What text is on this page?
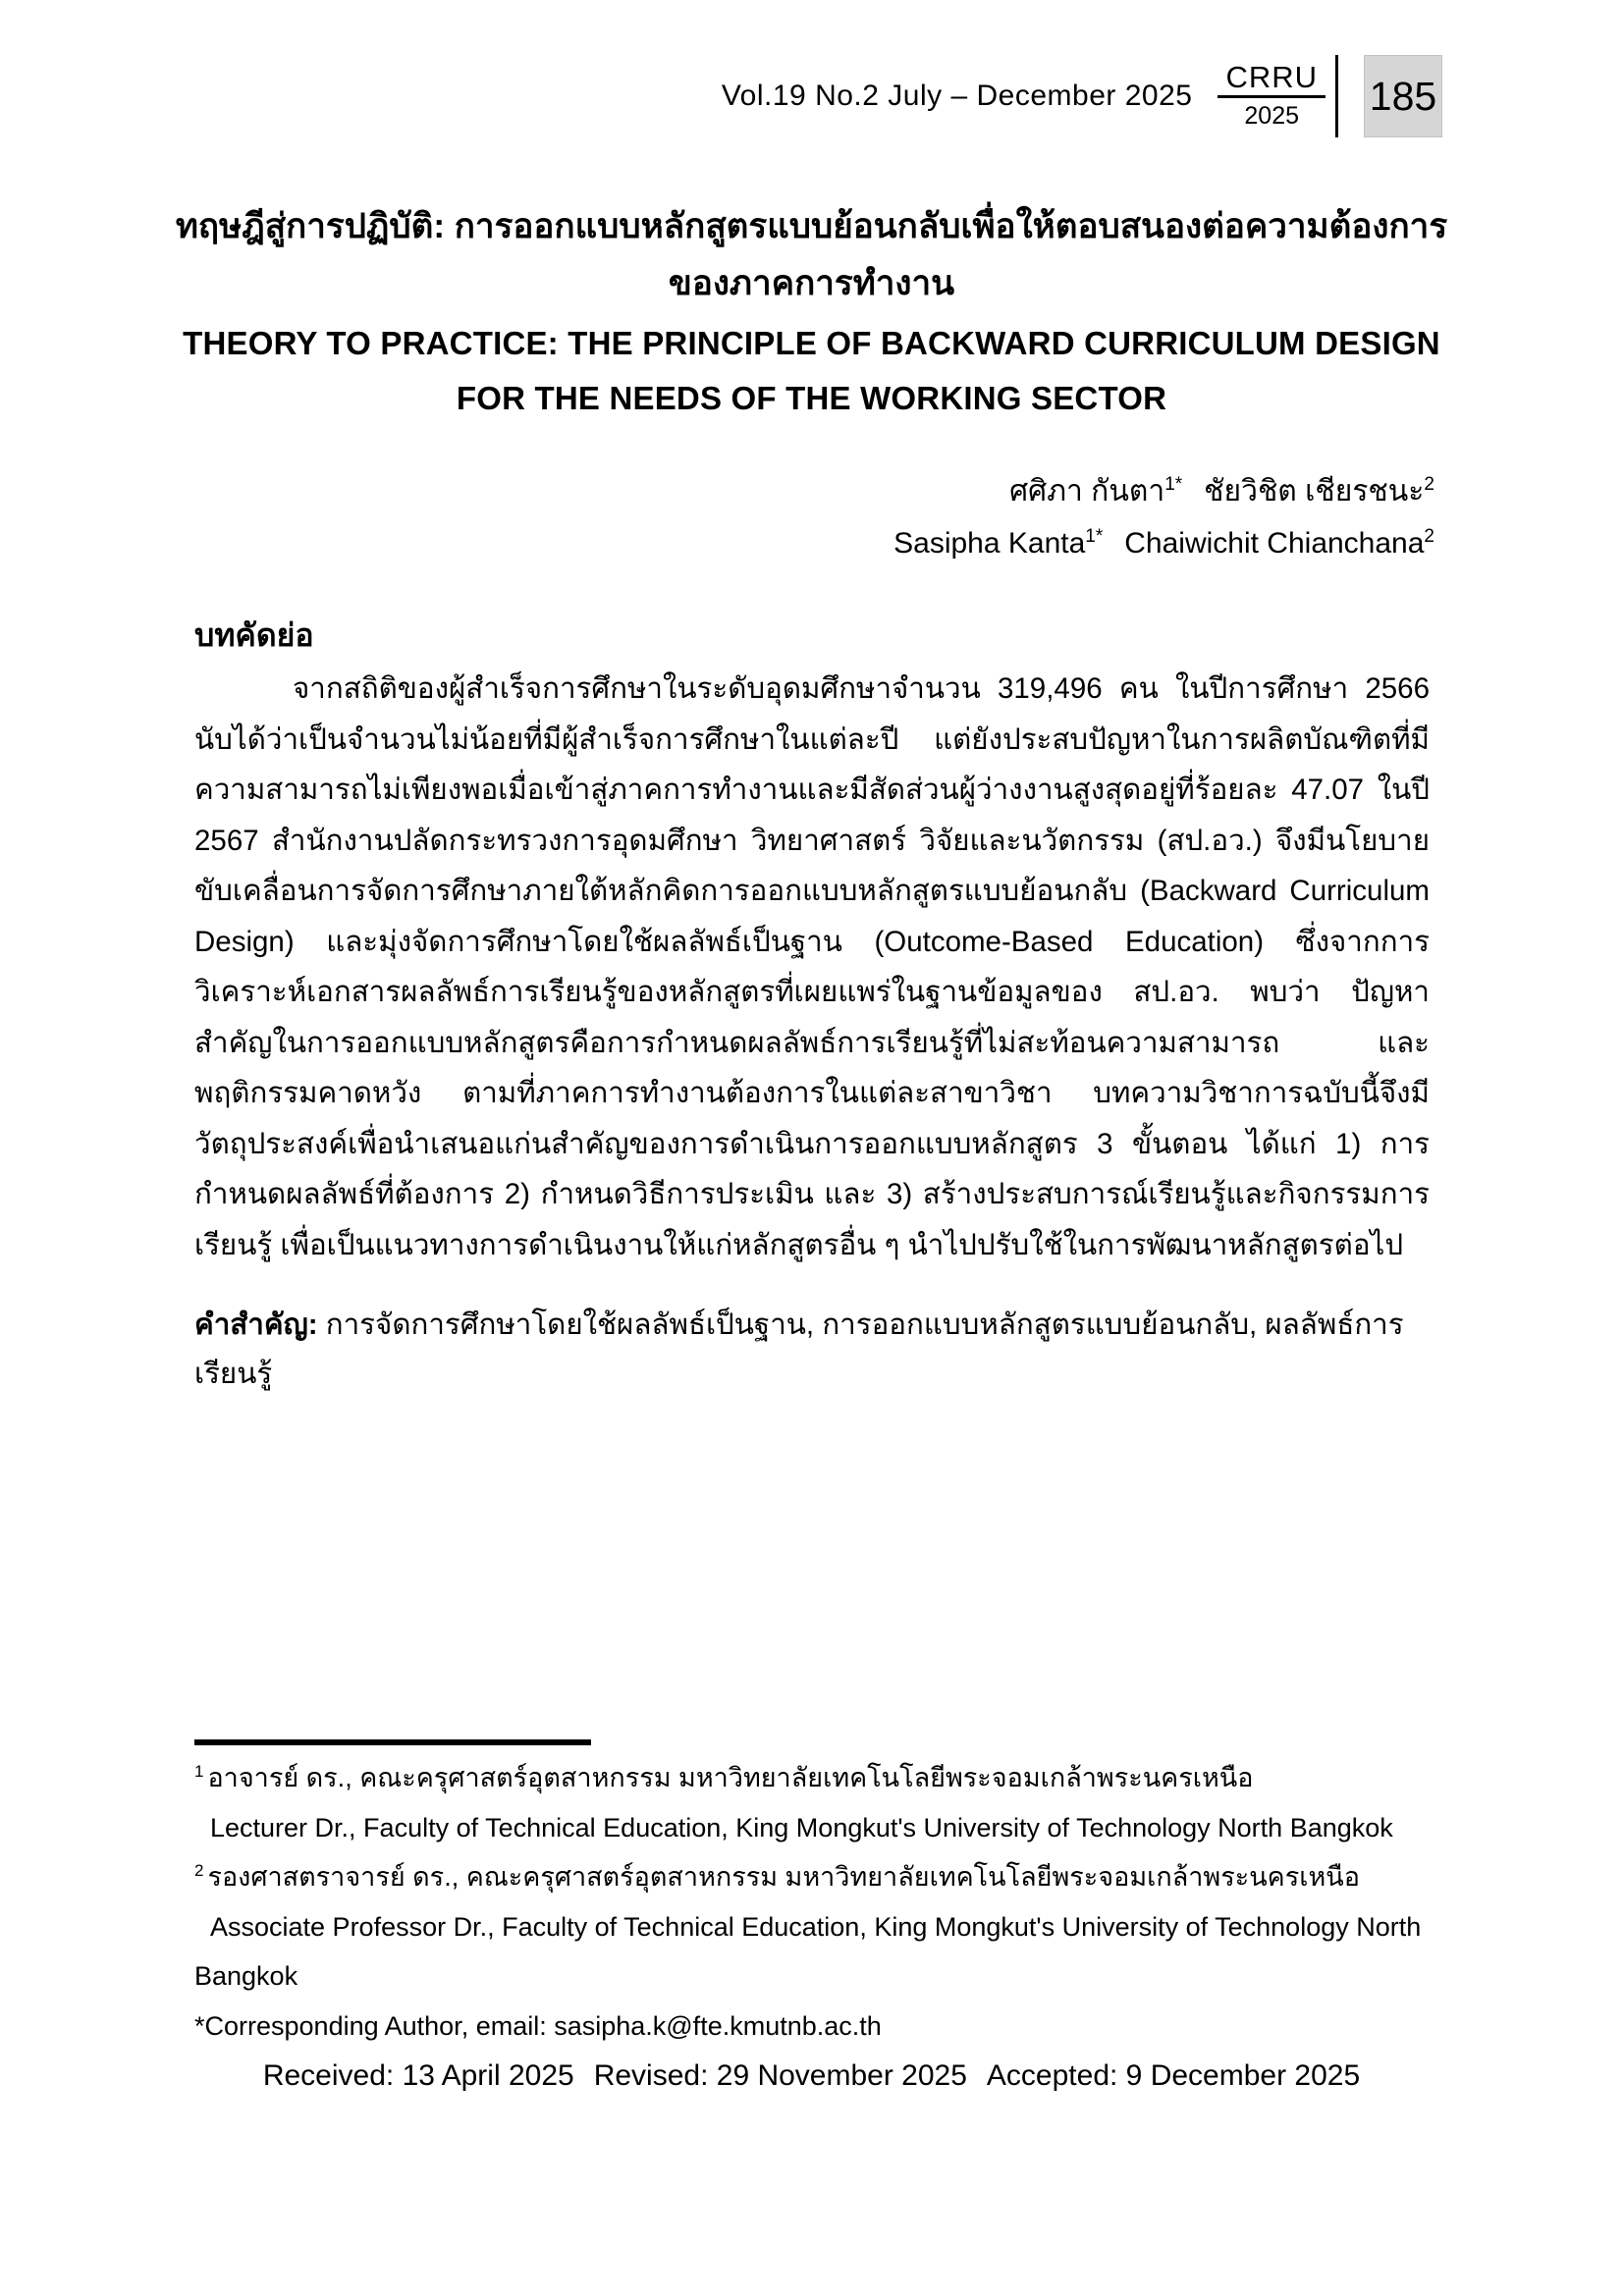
Vol.19 No.2 July – December 2025
CRRU
2025 185
ทฤษฎีสู่การปฏิบัติ: การออกแบบหลักสูตรแบบย้อนกลับเพื่อให้ตอบสนองต่อความต้องการ
ของภาคการทำงาน
THEORY TO PRACTICE: THE PRINCIPLE OF BACKWARD CURRICULUM DESIGN
FOR THE NEEDS OF THE WORKING SECTOR
ศศิภา กันตา$^{1*}$ ชัยวิชิต เชียรชนะ$^2$
Sasipha Kanta$^{1*}$ Chaiwichit Chianchana$^2$
บทคัดย่อ
จากสถิติของผู้สำเร็จการศึกษาในระดับอุดมศึกษาจำนวน 319,496 คน ในปีการศึกษา 2566 นับได้ว่าเป็นจำนวนไม่น้อยที่มีผู้สำเร็จการศึกษาในแต่ละปี แต่ยังประสบปัญหาในการผลิตบัณฑิตที่มีความสามารถไม่เพียงพอเมื่อเข้าสู่ภาคการทำงานและมีสัดส่วนผู้ว่างงานสูงสุดอยู่ที่ร้อยละ 47.07 ในปี 2567 สำนักงานปลัดกระทรวงการอุดมศึกษา วิทยาศาสตร์ วิจัยและนวัตกรรม (สป.อว.) จึงมีนโยบายขับเคลื่อนการจัดการศึกษาภายใต้หลักคิดการออกแบบหลักสูตรแบบย้อนกลับ (Backward Curriculum Design) และมุ่งจัดการศึกษาโดยใช้ผลลัพธ์เป็นฐาน (Outcome-Based Education) ซึ่งจากการวิเคราะห์เอกสารผลลัพธ์การเรียนรู้ของหลักสูตรที่เผยแพร่ในฐานข้อมูลของ สป.อว. พบว่า ปัญหาสำคัญในการออกแบบหลักสูตรคือการกำหนดผลลัพธ์การเรียนรู้ที่ไม่สะท้อนความสามารถ และพฤติกรรมคาดหวัง ตามที่ภาคการทำงานต้องการในแต่ละสาขาวิชา บทความวิชาการฉบับนี้จึงมีวัตถุประสงค์เพื่อนำเสนอแก่นสำคัญของการดำเนินการออกแบบหลักสูตร 3 ขั้นตอน ได้แก่ 1) การกำหนดผลลัพธ์ที่ต้องการ 2) กำหนดวิธีการประเมิน และ 3) สร้างประสบการณ์เรียนรู้และกิจกรรมการเรียนรู้ เพื่อเป็นแนวทางการดำเนินงานให้แก่หลักสูตรอื่น ๆ นำไปปรับใช้ในการพัฒนาหลักสูตรต่อไป
คำสำคัญ: การจัดการศึกษาโดยใช้ผลลัพธ์เป็นฐาน, การออกแบบหลักสูตรแบบย้อนกลับ, ผลลัพธ์การเรียนรู้
$^1$ อาจารย์ ดร., คณะครุศาสตร์อุตสาหกรรม มหาวิทยาลัยเทคโนโลยีพระจอมเกล้าพระนครเหนือ
Lecturer Dr., Faculty of Technical Education, King Mongkut's University of Technology North Bangkok
$^2$ รองศาสตราจารย์ ดร., คณะครุศาสตร์อุตสาหกรรม มหาวิทยาลัยเทคโนโลยีพระจอมเกล้าพระนครเหนือ
Associate Professor Dr., Faculty of Technical Education, King Mongkut's University of Technology North
Bangkok
*Corresponding Author, email: sasipha.k@fte.kmutnb.ac.th
Received: 13 April 2025 Revised: 29 November 2025 Accepted: 9 December 2025
